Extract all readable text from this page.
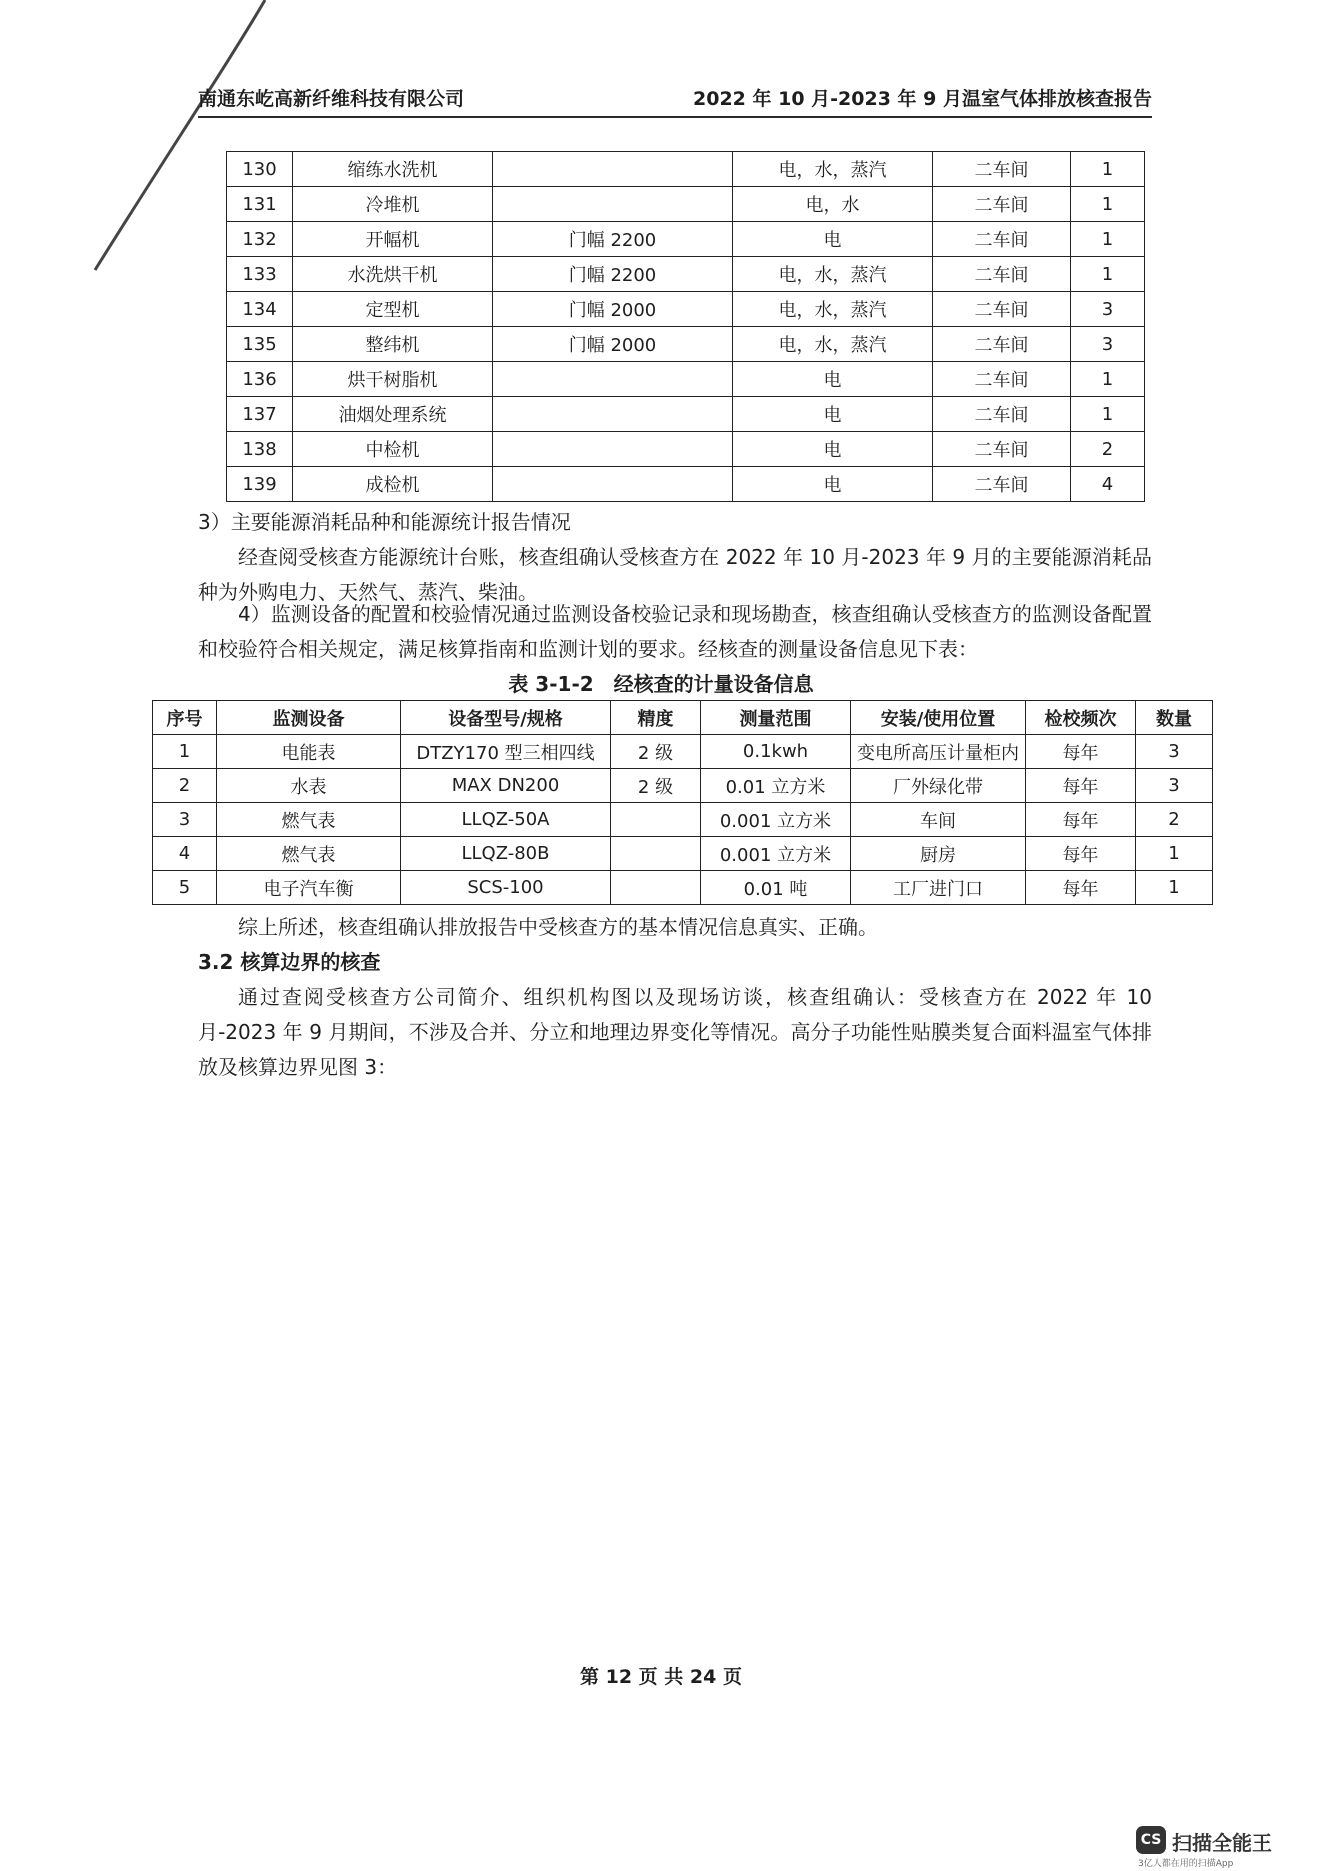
南通东屹高新纤维科技有限公司	2022 年 10 月-2023 年 9 月温室气体排放核查报告
130	缩练水洗机		电，水，蒸汽	二车间	1
131	冷堆机		电，水	二车间	1
132	开幅机	门幅 2200	电	二车间	1
133	水洗烘干机	门幅 2200	电，水，蒸汽	二车间	1
134	定型机	门幅 2000	电，水，蒸汽	二车间	3
135	整纬机	门幅 2000	电，水，蒸汽	二车间	3
136	烘干树脂机		电	二车间	1
137	油烟处理系统		电	二车间	1
138	中检机		电	二车间	2
139	成检机		电	二车间	4
3）主要能源消耗品种和能源统计报告情况
经查阅受核查方能源统计台账，核查组确认受核查方在 2022 年 10 月-2023 年 9 月的主要能源消耗品种为外购电力、天然气、蒸汽、柴油。
4）监测设备的配置和校验情况通过监测设备校验记录和现场勘查，核查组确认受核查方的监测设备配置和校验符合相关规定，满足核算指南和监测计划的要求。经核查的测量设备信息见下表：
表 3-1-2　经核查的计量设备信息
序号	监测设备	设备型号/规格	精度	测量范围	安装/使用位置	检校频次	数量
1	电能表	DTZY170 型三相四线	2 级	0.1kwh	变电所高压计量柜内	每年	3
2	水表	MAX DN200	2 级	0.01 立方米	厂外绿化带	每年	3
3	燃气表	LLQZ-50A		0.001 立方米	车间	每年	2
4	燃气表	LLQZ-80B		0.001 立方米	厨房	每年	1
5	电子汽车衡	SCS-100		0.01 吨	工厂进门口	每年	1
综上所述，核查组确认排放报告中受核查方的基本情况信息真实、正确。
3.2 核算边界的核查
通过查阅受核查方公司简介、组织机构图以及现场访谈，核查组确认：受核查方在 2022 年 10 月-2023 年 9 月期间，不涉及合并、分立和地理边界变化等情况。高分子功能性贴膜类复合面料温室气体排放及核算边界见图 3：
第 12 页 共 24 页
CS 扫描全能王
3亿人都在用的扫描App
